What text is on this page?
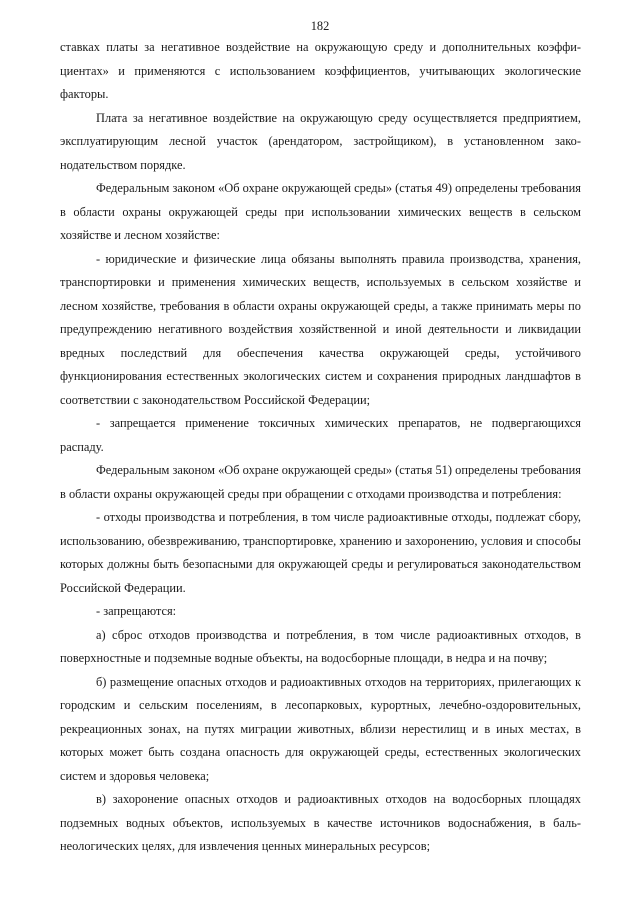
182

ставках платы за негативное воздействие на окружающую среду и дополнительных коэффициентах» и применяются с использованием коэффициентов, учитывающих экологические факторы.

Плата за негативное воздействие на окружающую среду осуществляется предприятием, эксплуатирующим лесной участок (арендатором, застройщиком), в установленном законодательством порядке.

Федеральным законом «Об охране окружающей среды» (статья 49) определены требования в области охраны окружающей среды при использовании химических веществ в сельском хозяйстве и лесном хозяйстве:

- юридические и физические лица обязаны выполнять правила производства, хранения, транспортировки и применения химических веществ, используемых в сельском хозяйстве и лесном хозяйстве, требования в области охраны окружающей среды, а также принимать меры по предупреждению негативного воздействия хозяйственной и иной деятельности и ликвидации вредных последствий для обеспечения качества окружающей среды, устойчивого функционирования естественных экологических систем и сохранения природных ландшафтов в соответствии с законодательством Российской Федерации;

- запрещается применение токсичных химических препаратов, не подвергающихся распаду.

Федеральным законом «Об охране окружающей среды» (статья 51) определены требования в области охраны окружающей среды при обращении с отходами производства и потребления:

- отходы производства и потребления, в том числе радиоактивные отходы, подлежат сбору, использованию, обезвреживанию, транспортировке, хранению и захоронению, условия и способы которых должны быть безопасными для окружающей среды и регулироваться законодательством Российской Федерации.

- запрещаются:

а) сброс отходов производства и потребления, в том числе радиоактивных отходов, в поверхностные и подземные водные объекты, на водосборные площади, в недра и на почву;

б) размещение опасных отходов и радиоактивных отходов на территориях, прилегающих к городским и сельским поселениям, в лесопарковых, курортных, лечебно-оздоровительных, рекреационных зонах, на путях миграции животных, вблизи нерестилищ и в иных местах, в которых может быть создана опасность для окружающей среды, естественных экологических систем и здоровья человека;

в) захоронение опасных отходов и радиоактивных отходов на водосборных площадях подземных водных объектов, используемых в качестве источников водоснабжения, в бальнеологических целях, для извлечения ценных минеральных ресурсов;
